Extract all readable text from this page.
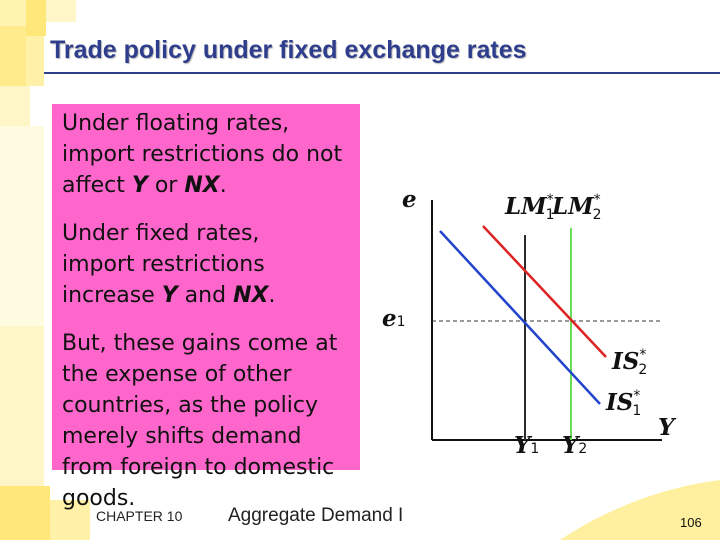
Trade policy under fixed exchange rates
Under floating rates,
import restrictions do not
affect Y or NX.
Under fixed rates,
import restrictions
increase Y and NX.
But, these gains come at
the expense of other
countries, as the policy
merely shifts demand
from foreign to domestic
goods.
e
e1
$LM^*_1$
$LM^*_2$
$IS^*_2$
$IS^*_1$
Y
Y1 Y2
CHAPTER 10 Aggregate Demand I	106
